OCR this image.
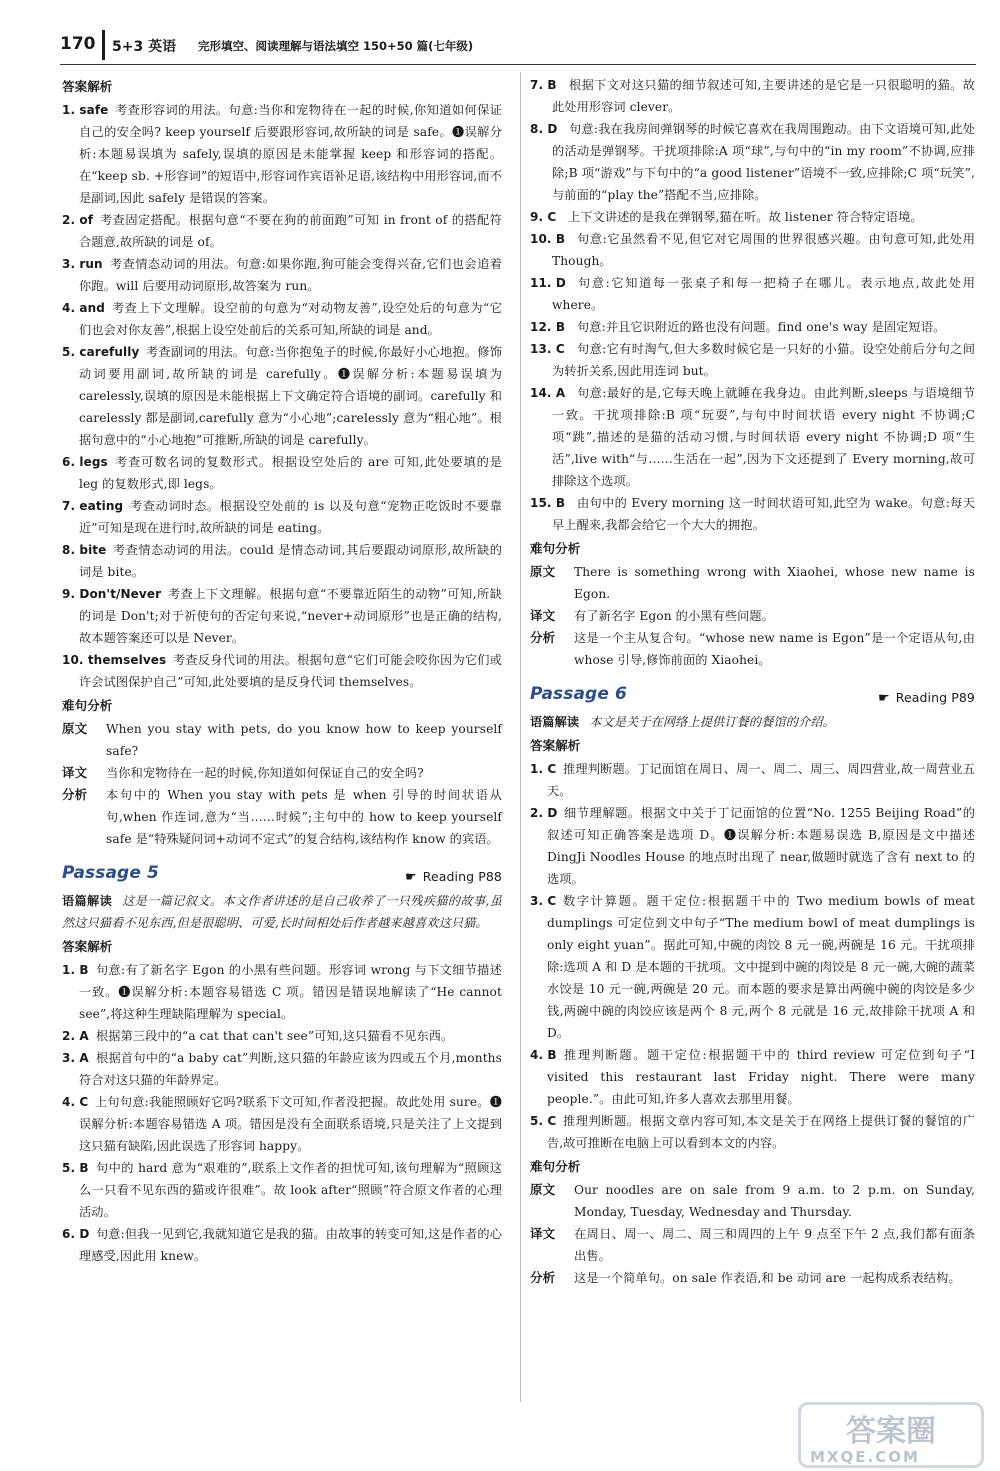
170 5+3 英语 完形填空、阅读理解与语法填空 150+50 篇(七年级)
答案解析
1. safe 考查形容词的用法。句意:当你和宠物待在一起的时候,你知道如何保证自己的安全吗? keep yourself 后要跟形容词,故所缺的词是 safe。❶误解分析:本题易误填为 safely,误填的原因是未能掌握 keep 和形容词的搭配。在“keep sb. +形容词”的短语中,形容词作宾语补足语,该结构中用形容词,而不是副词,因此 safely 是错误的答案。
2. of 考查固定搭配。根据句意“不要在狗的前面跑”可知 in front of 的搭配符合题意,故所缺的词是 of。
3. run 考查情态动词的用法。句意:如果你跑,狗可能会变得兴奋,它们也会追着你跑。will 后要用动词原形,故答案为 run。
4. and 考查上下文理解。设空前的句意为“对动物友善”,设空处后的句意为“它们也会对你友善”,根据上设空处前后的关系可知,所缺的词是 and。
5. carefully 考查副词的用法。句意:当你抱兔子的时候,你最好小心地抱。修饰动词要用副词,故所缺的词是 carefully。❶误解分析:本题易误填为 carelessly,误填的原因是未能根据上下文确定符合语境的副词。carefully 和 carelessly 都是副词,carefully 意为“小心地”;carelessly 意为“粗心地”。根据句意中的“小心地抱”可推断,所缺的词是 carefully。
6. legs 考查可数名词的复数形式。根据设空处后的 are 可知,此处要填的是 leg 的复数形式,即 legs。
7. eating 考查动词时态。根据设空处前的 is 以及句意“宠物正吃饭时不要靠近”可知是现在进行时,故所缺的词是 eating。
8. bite 考查情态动词的用法。could 是情态动词,其后要跟动词原形,故所缺的词是 bite。
9. Don't/Never 考查上下文理解。根据句意“不要靠近陌生的动物”可知,所缺的词是 Don't;对于祈使句的否定句来说,“never+动词原形”也是正确的结构,故本题答案还可以是 Never。
10. themselves 考查反身代词的用法。根据句意“它们可能会咬你因为它们或许会试图保护自己”可知,此处要填的是反身代词 themselves。
难句分析
原文 When you stay with pets, do you know how to keep yourself safe?
译文 当你和宠物待在一起的时候,你知道如何保证自己的安全吗?
分析 本句中的 When you stay with pets 是 when 引导的时间状语从句,when 作连词,意为“当……时候”;主句中的 how to keep yourself safe 是“特殊疑问词+动词不定式”的复合结构,该结构作 know 的宾语。
Passage 5	☛ Reading P88
语篇解读 这是一篇记叙文。本文作者讲述的是自己收养了一只残疾猫的故事,虽然这只猫看不见东西,但是很聪明、可爱,长时间相处后作者越来越喜欢这只猫。
答案解析
1. B 句意:有了新名字 Egon 的小黑有些问题。形容词 wrong 与下文细节描述一致。❶误解分析:本题容易错选 C 项。错因是错误地解读了“He cannot see”,将这种生理缺陷理解为 special。
2. A 根据第三段中的“a cat that can't see”可知,这只猫看不见东西。
3. A 根据首句中的“a baby cat”判断,这只猫的年龄应该为四或五个月,months 符合对这只猫的年龄界定。
4. C 上句句意:我能照顾好它吗?联系下文可知,作者没把握。故此处用 sure。❶误解分析:本题容易错选 A 项。错因是没有全面联系语境,只是关注了上文提到这只猫有缺陷,因此误选了形容词 happy。
5. B 句中的 hard 意为“艰难的”,联系上文作者的担忧可知,该句理解为“照顾这么一只看不见东西的猫或许很难”。故 look after“照顾”符合原文作者的心理活动。
6. D 句意:但我一见到它,我就知道它是我的猫。由故事的转变可知,这是作者的心理感受,因此用 knew。
7. B 根据下文对这只猫的细节叙述可知,主要讲述的是它是一只很聪明的猫。故此处用形容词 clever。
8. D 句意:我在我房间弹钢琴的时候它喜欢在我周围跑动。由下文语境可知,此处的活动是弹钢琴。干扰项排除:A 项“球”,与句中的“in my room”不协调,应排除;B 项“游戏”与下句中的“a good listener”语境不一致,应排除;C 项“玩笑”,与前面的“play the”搭配不当,应排除。
9. C 上下文讲述的是我在弹钢琴,猫在听。故 listener 符合特定语境。
10. B 句意:它虽然看不见,但它对它周围的世界很感兴趣。由句意可知,此处用 Though。
11. D 句意:它知道每一张桌子和每一把椅子在哪儿。表示地点,故此处用 where。
12. B 句意:并且它识附近的路也没有问题。find one's way 是固定短语。
13. C 句意:它有时淘气,但大多数时候它是一只好的小猫。设空处前后分句之间为转折关系,因此用连词 but。
14. A 句意:最好的是,它每天晚上就睡在我身边。由此判断,sleeps 与语境细节一致。干扰项排除:B 项“玩耍”,与句中时间状语 every night 不协调;C 项“跳”,描述的是猫的活动习惯,与时间状语 every night 不协调;D 项“生活”,live with“与……生活在一起”,因为下文还提到了 Every morning,故可排除这个选项。
15. B 由句中的 Every morning 这一时间状语可知,此空为 wake。句意:每天早上醒来,我都会给它一个大大的拥抱。
难句分析
原文 There is something wrong with Xiaohei, whose new name is Egon.
译文 有了新名字 Egon 的小黑有些问题。
分析 这是一个主从复合句。“whose new name is Egon”是一个定语从句,由 whose 引导,修饰前面的 Xiaohei。
Passage 6	☛ Reading P89
语篇解读 本文是关于在网络上提供订餐的餐馆的介绍。
答案解析
1. C 推理判断题。丁记面馆在周日、周一、周二、周三、周四营业,故一周营业五天。
2. D 细节理解题。根据文中关于丁记面馆的位置“No. 1255 Beijing Road”的叙述可知正确答案是选项 D。❶误解分析:本题易误选 B,原因是文中描述 DingJi Noodles House 的地点时出现了 near,做题时就选了含有 next to 的选项。
3. C 数字计算题。题干定位:根据题干中的 Two medium bowls of meat dumplings 可定位到文中句子“The medium bowl of meat dumplings is only eight yuan”。据此可知,中碗的肉饺 8 元一碗,两碗是 16 元。干扰项排除:选项 A 和 D 是本题的干扰项。文中提到中碗的肉饺是 8 元一碗,大碗的蔬菜水饺是 10 元一碗,两碗是 20 元。而本题的要求是算出两碗中碗的肉饺是多少钱,两碗中碗的肉饺应该是两个 8 元,两个 8 元就是 16 元,故排除干扰项 A 和 D。
4. B 推理判断题。题干定位:根据题干中的 third review 可定位到句子“I visited this restaurant last Friday night. There were many people.”。由此可知,许多人喜欢去那里用餐。
5. C 推理判断题。根据文章内容可知,本文是关于在网络上提供订餐的餐馆的广告,故可推断在电脑上可以看到本文的内容。
难句分析
原文 Our noodles are on sale from 9 a.m. to 2 p.m. on Sunday, Monday, Tuesday, Wednesday and Thursday.
译文 在周日、周一、周二、周三和周四的上午 9 点至下午 2 点,我们都有面条出售。
分析 这是一个简单句。on sale 作表语,和 be 动词 are 一起构成系表结构。
答案圈
MXQE.COM
